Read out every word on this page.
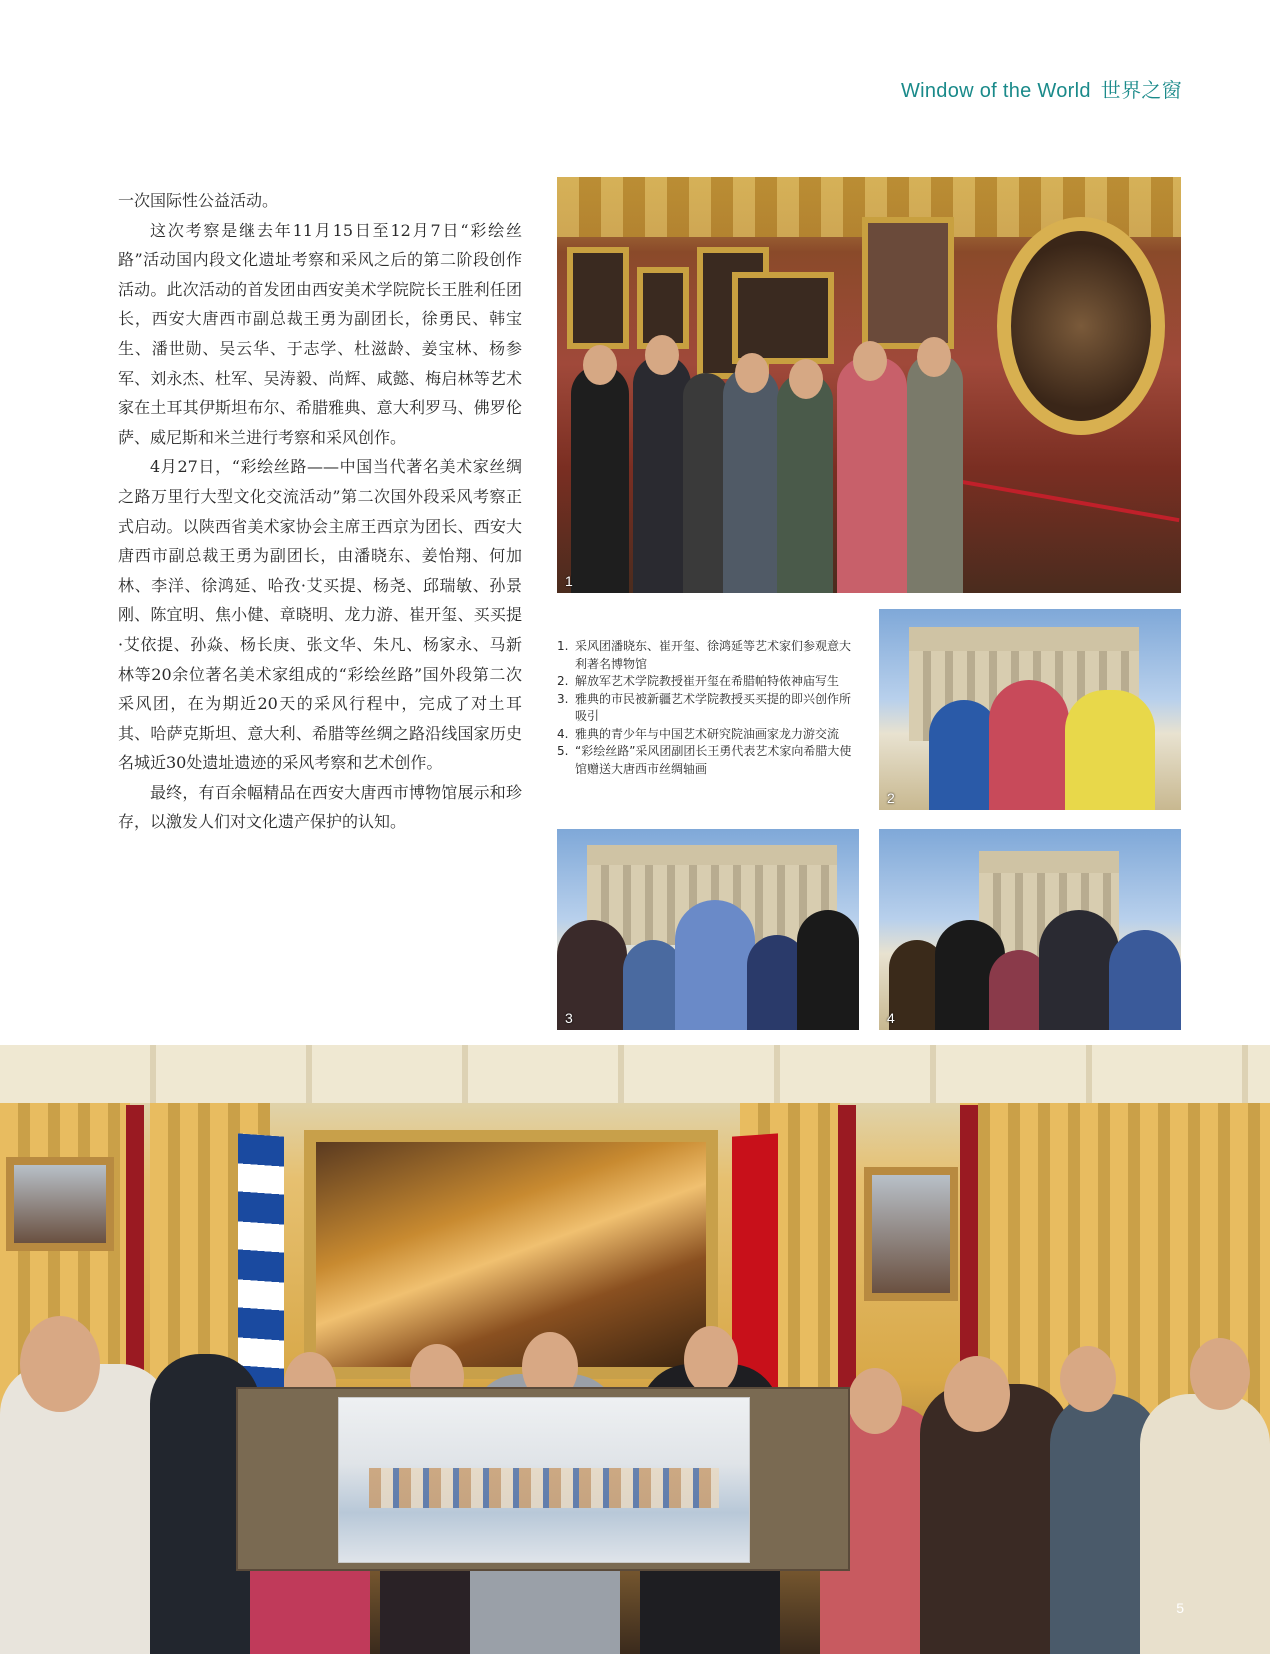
Window of the World 世界之窗

一次国际性公益活动。

这次考察是继去年11月15日至12月7日“彩绘丝路”活动国内段文化遗址考察和采风之后的第二阶段创作活动。此次活动的首发团由西安美术学院院长王胜利任团长，西安大唐西市副总裁王勇为副团长，徐勇民、韩宝生、潘世勋、吴云华、于志学、杜滋龄、姜宝林、杨参军、刘永杰、杜军、吴涛毅、尚辉、咸懿、梅启林等艺术家在土耳其伊斯坦布尔、希腊雅典、意大利罗马、佛罗伦萨、威尼斯和米兰进行考察和采风创作。

4月27日，“彩绘丝路——中国当代著名美术家丝绸之路万里行大型文化交流活动”第二次国外段采风考察正式启动。以陕西省美术家协会主席王西京为团长、西安大唐西市副总裁王勇为副团长，由潘晓东、姜怡翔、何加林、李洋、徐鸿延、哈孜·艾买提、杨尧、邱瑞敏、孙景刚、陈宜明、焦小健、章晓明、龙力游、崔开玺、买买提·艾依提、孙焱、杨长庚、张文华、朱凡、杨家永、马新林等20余位著名美术家组成的“彩绘丝路”国外段第二次采风团，在为期近20天的采风行程中，完成了对土耳其、哈萨克斯坦、意大利、希腊等丝绸之路沿线国家历史名城近30处遗址遗迹的采风考察和艺术创作。

最终，有百余幅精品在西安大唐西市博物馆展示和珍存，以激发人们对文化遗产保护的认知。

1
1. 采风团潘晓东、崔开玺、徐鸿延等艺术家们参观意大利著名博物馆
2. 解放军艺术学院教授崔开玺在希腊帕特侬神庙写生
3. 雅典的市民被新疆艺术学院教授买买提的即兴创作所吸引
4. 雅典的青少年与中国艺术研究院油画家龙力游交流
5. “彩绘丝路”采风团副团长王勇代表艺术家向希腊大使馆赠送大唐西市丝绸轴画
2
3	4
5
